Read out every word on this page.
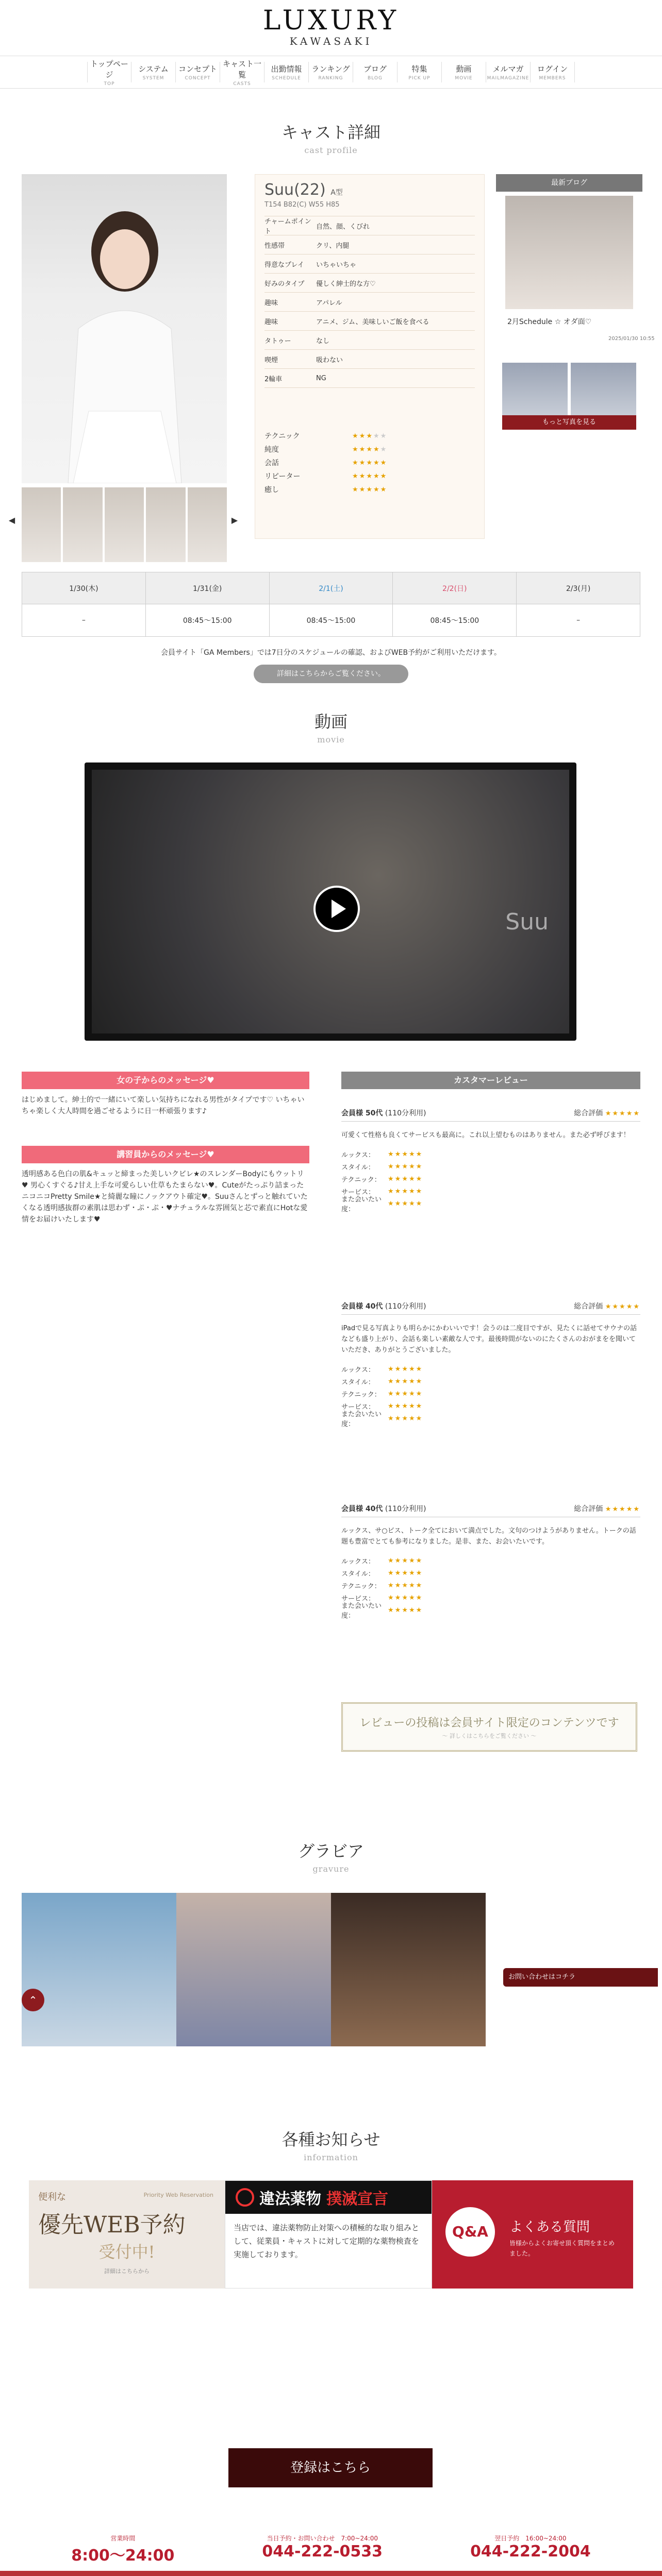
LUXURY
KAWASAKI
トップページ
TOP
システム
SYSTEM
コンセプト
CONCEPT
キャスト一覧
CASTS
出勤情報
SCHEDULE
ランキング
RANKING
ブログ
BLOG
特集
PICK UP
動画
MOVIE
メルマガ
MAILMAGAZINE
ログイン
MEMBERS
キャスト詳細

cast profile

◀	▶
Suu(22) A型
T154 B82(C) W55 H85
チャームポイント
自然、顔、くびれ
性感帯	クリ、内腿
得意なプレイ	いちゃいちゃ
好みのタイプ	優しく紳士的な方♡
趣味	アパレル
趣味	アニメ、ジム、美味しいご飯を食べる
タトゥー	なし
喫煙	吸わない
2輪車	NG
テクニック	★★★★★
純度	★★★★★
会話	★★★★★
リピーター	★★★★★
癒し	★★★★★
最新ブログ
2月Schedule ☆ オダ面♡
2025/01/30 10:55
もっと写真を見る
1/30(木)	1/31(金)	2/1(土)	2/2(日)	2/3(月)
–	08:45～15:00	08:45～15:00	08:45～15:00	–
会員サイト「GA Members」では7日分のスケジュールの確認、およびWEB予約がご利用いただけます。
詳細はこちらからご覧ください。
動画

movie

Suu
女の子からのメッセージ♥
はじめまして。紳士的で一緒にいて楽しい気持ちになれる男性がタイプです♡ いちゃいちゃ楽しく大人時間を過ごせるように日一杯頑張ります♪
講習員からのメッセージ♥
透明感ある色白の肌&キュッと締まった美しいクビレ★のスレンダーBodyにもウットリ♥ 男心くすぐる♪甘え上手な可愛らしい仕草もたまらない♥。Cuteがたっぷり詰まったニコニコPretty Smile★と綺麗な瞳にノックアウト確定♥。Suuさんとずっと触れていたくなる透明感抜群の素肌は思わず・ぷ・ぷ・♥ナチュラルな雰囲気と芯で素直にHotな愛情をお届けいたします♥
カスタマーレビュー
会員様 50代 (110分利用)	総合評価 ★★★★★
可愛くて性格も良くてサービスも最高に。これ以上望むものはありません。また必ず呼びます！
ルックス：	★★★★★
スタイル：	★★★★★
テクニック：	★★★★★
サービス：	★★★★★
また会いたい度：
★★★★★
会員様 40代 (110分利用)	総合評価 ★★★★★
iPadで見る写真よりも明らかにかわいいです！会うのは二度目ですが、見たくに話せてサウナの話なども盛り上がり、会話も楽しい素敵な人です。最後時間がないのにたくさんのおがまをを聞いていただき、ありがとうございました。
ルックス：	★★★★★
スタイル：	★★★★★
テクニック：	★★★★★
サービス：	★★★★★
また会いたい度：
★★★★★
会員様 40代 (110分利用)	総合評価 ★★★★★
ルックス、サ○ビス、トーク全てにおいて満点でした。文句のつけようがありません。トークの話題も豊富でとても参考になりました。是非、また、お会いたいです。
ルックス：	★★★★★
スタイル：	★★★★★
テクニック：	★★★★★
サービス：	★★★★★
また会いたい度：
★★★★★

レビューの投稿は会員サイト限定のコンテンツです

～ 詳しくはこちらをご覧ください ～
グラビア

gravure

⌃
お問い合わせはコチラ
各種お知らせ

information

便利な	Priority Web Reservation
優先WEB予約
受付中!
詳細はこちらから
違法薬物 撲滅宣言
当店では、違法薬物防止対策への積極的な取り組みとして、従業員・キャストに対して定期的な薬物検査を実施しております。
Q&A	よくある質問
皆様からよくお寄せ頂く質問をまとめました。
登録はこちら
営業時間
8:00～24:00
当日予約・お問い合わせ　7:00~24:00
044-222-0533
翌日予約　16:00~24:00
044-222-2004
